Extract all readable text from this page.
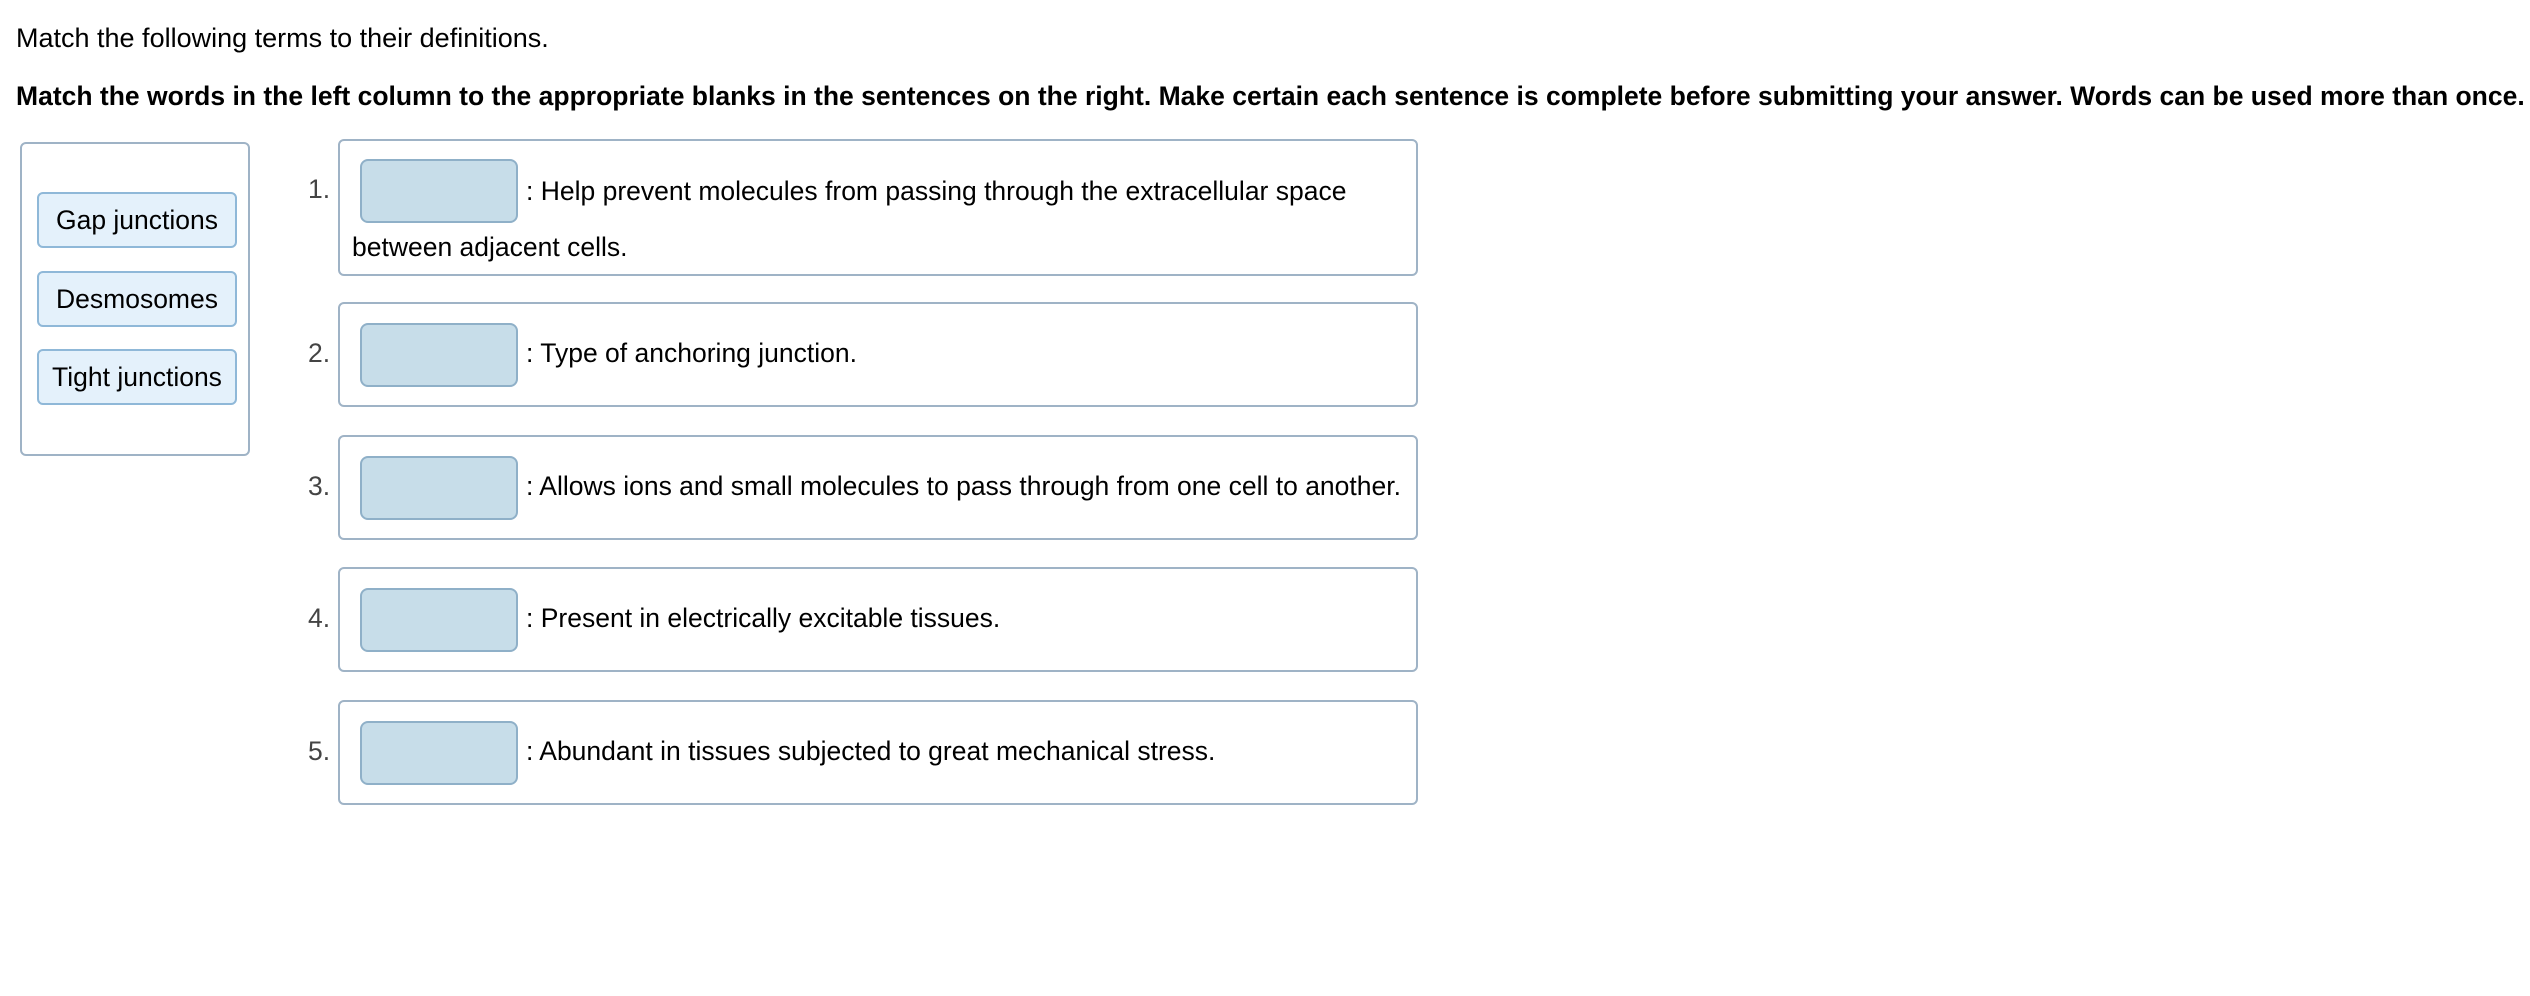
Match the following terms to their definitions.
Match the words in the left column to the appropriate blanks in the sentences on the right. Make certain each sentence is complete before submitting your answer. Words can be used more than once.
Gap junctions
Desmosomes
Tight junctions
1.	: Help prevent molecules from passing through the extracellular space
between adjacent cells.
2.	: Type of anchoring junction.
3.	: Allows ions and small molecules to pass through from one cell to another.
4.	: Present in electrically excitable tissues.
5.	: Abundant in tissues subjected to great mechanical stress.
